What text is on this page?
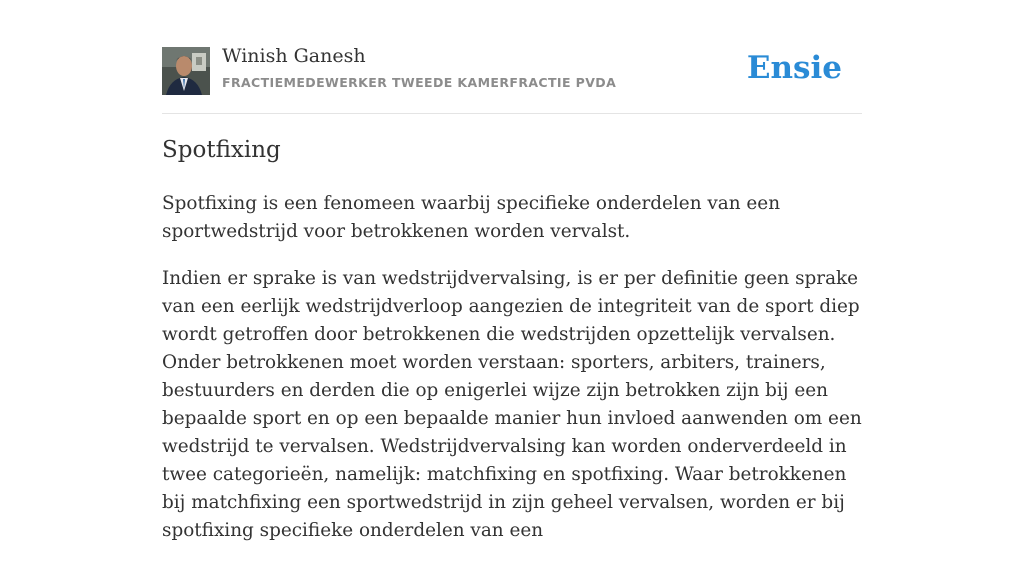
Winish Ganesh
FRACTIEMEDEWERKER TWEEDE KAMERFRACTIE PVDA	Ensie
Spotfixing

Spotfixing is een fenomeen waarbij specifieke onderdelen van een sportwedstrijd voor betrokkenen worden vervalst.

Indien er sprake is van wedstrijdvervalsing, is er per definitie geen sprake van een eerlijk wedstrijdverloop aangezien de integriteit van de sport diep wordt getroffen door betrokkenen die wedstrijden opzettelijk vervalsen. Onder betrokkenen moet worden verstaan: sporters, arbiters, trainers, bestuurders en derden die op enigerlei wijze zijn betrokken zijn bij een bepaalde sport en op een bepaalde manier hun invloed aanwenden om een wedstrijd te vervalsen. Wedstrijdvervalsing kan worden onderverdeeld in twee categorieën, namelijk: matchfixing en spotfixing. Waar betrokkenen bij matchfixing een sportwedstrijd in zijn geheel vervalsen, worden er bij spotfixing specifieke onderdelen van een
